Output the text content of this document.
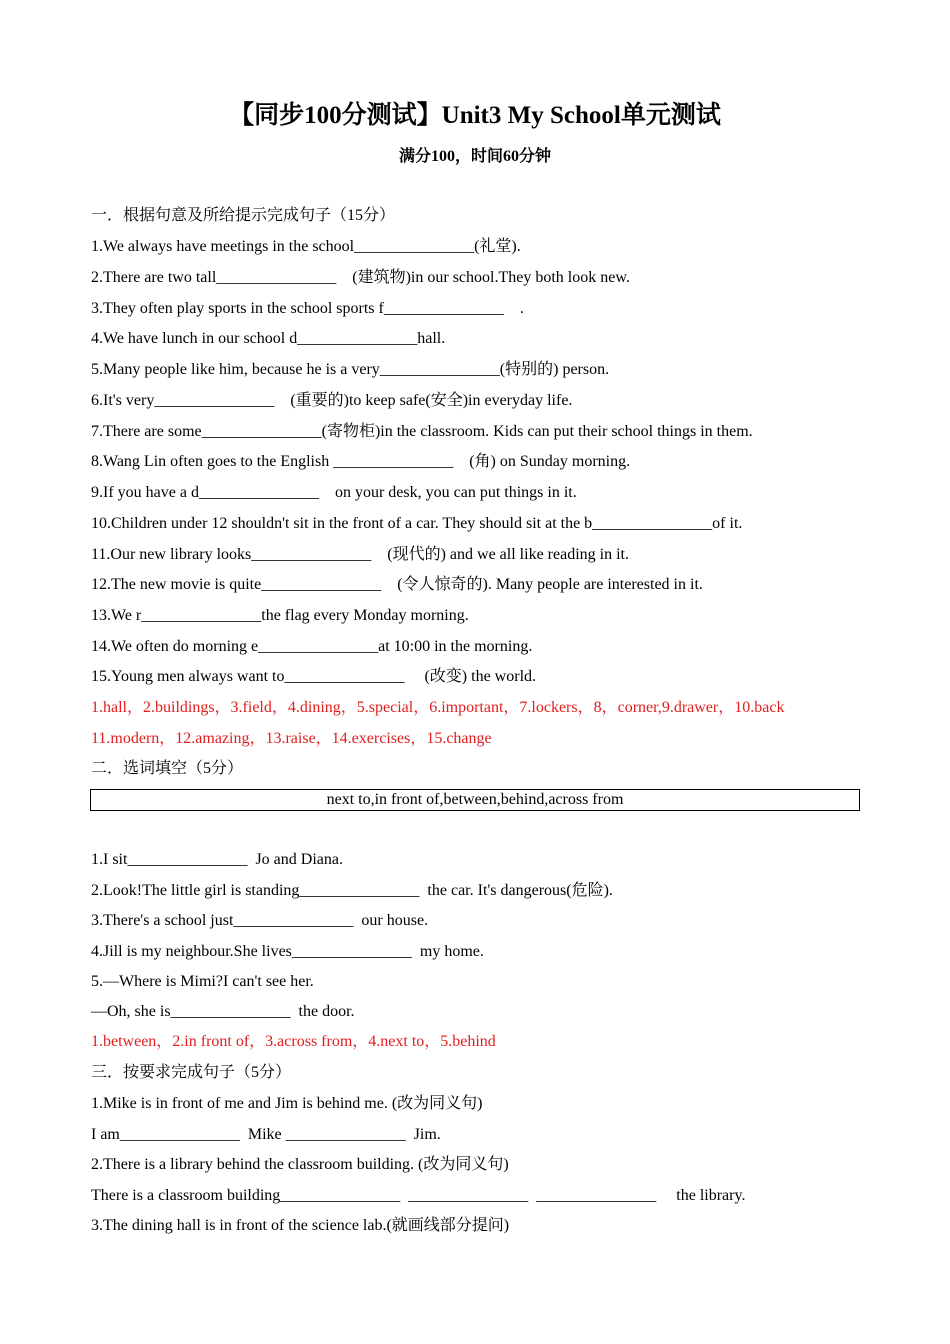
【同步100分测试】Unit3 My School单元测试
满分100，时间60分钟
一．根据句意及所给提示完成句子（15分）
1.We always have meetings in the school_______________(礼堂).
2.There are two tall_______________    (建筑物)in our school.They both look new.
3.They often play sports in the school sports f_______________    .
4.We have lunch in our school d_______________hall.
5.Many people like him, because he is a very_______________(特别的) person.
6.It's very_______________    (重要的)to keep safe(安全)in everyday life.
7.There are some_______________(寄物柜)in the classroom. Kids can put their school things in them.
8.Wang Lin often goes to the English _______________    (角) on Sunday morning.
9.If you have a d_______________    on your desk, you can put things in it.
10.Children under 12 shouldn't sit in the front of a car. They should sit at the b_______________of it.
11.Our new library looks_______________    (现代的) and we all like reading in it.
12.The new movie is quite_______________    (令人惊奇的). Many people are interested in it.
13.We r_______________the flag every Monday morning.
14.We often do morning e_______________at 10:00 in the morning.
15.Young men always want to_______________     (改变) the world.
1.hall，2.buildings，3.field，4.dining，5.special，6.important，7.lockers，8，corner,9.drawer，10.back
11.modern，12.amazing，13.raise，14.exercises，15.change
二．选词填空（5分）
next to,in front of,between,behind,across from
1.I sit_______________  Jo and Diana.
2.Look!The little girl is standing_______________  the car. It's dangerous(危险).
3.There's a school just_______________  our house.
4.Jill is my neighbour.She lives_______________  my home.
5.—Where is Mimi?I can't see her.
—Oh, she is_______________  the door.
1.between，2.in front of，3.across from，4.next to，5.behind
三．按要求完成句子（5分）
1.Mike is in front of me and Jim is behind me. (改为同义句)
I am_______________  Mike _______________  Jim.
2.There is a library behind the classroom building. (改为同义句)
There is a classroom building_______________  _______________  _______________     the library.
3.The dining hall is in front of the science lab.(就画线部分提问)
